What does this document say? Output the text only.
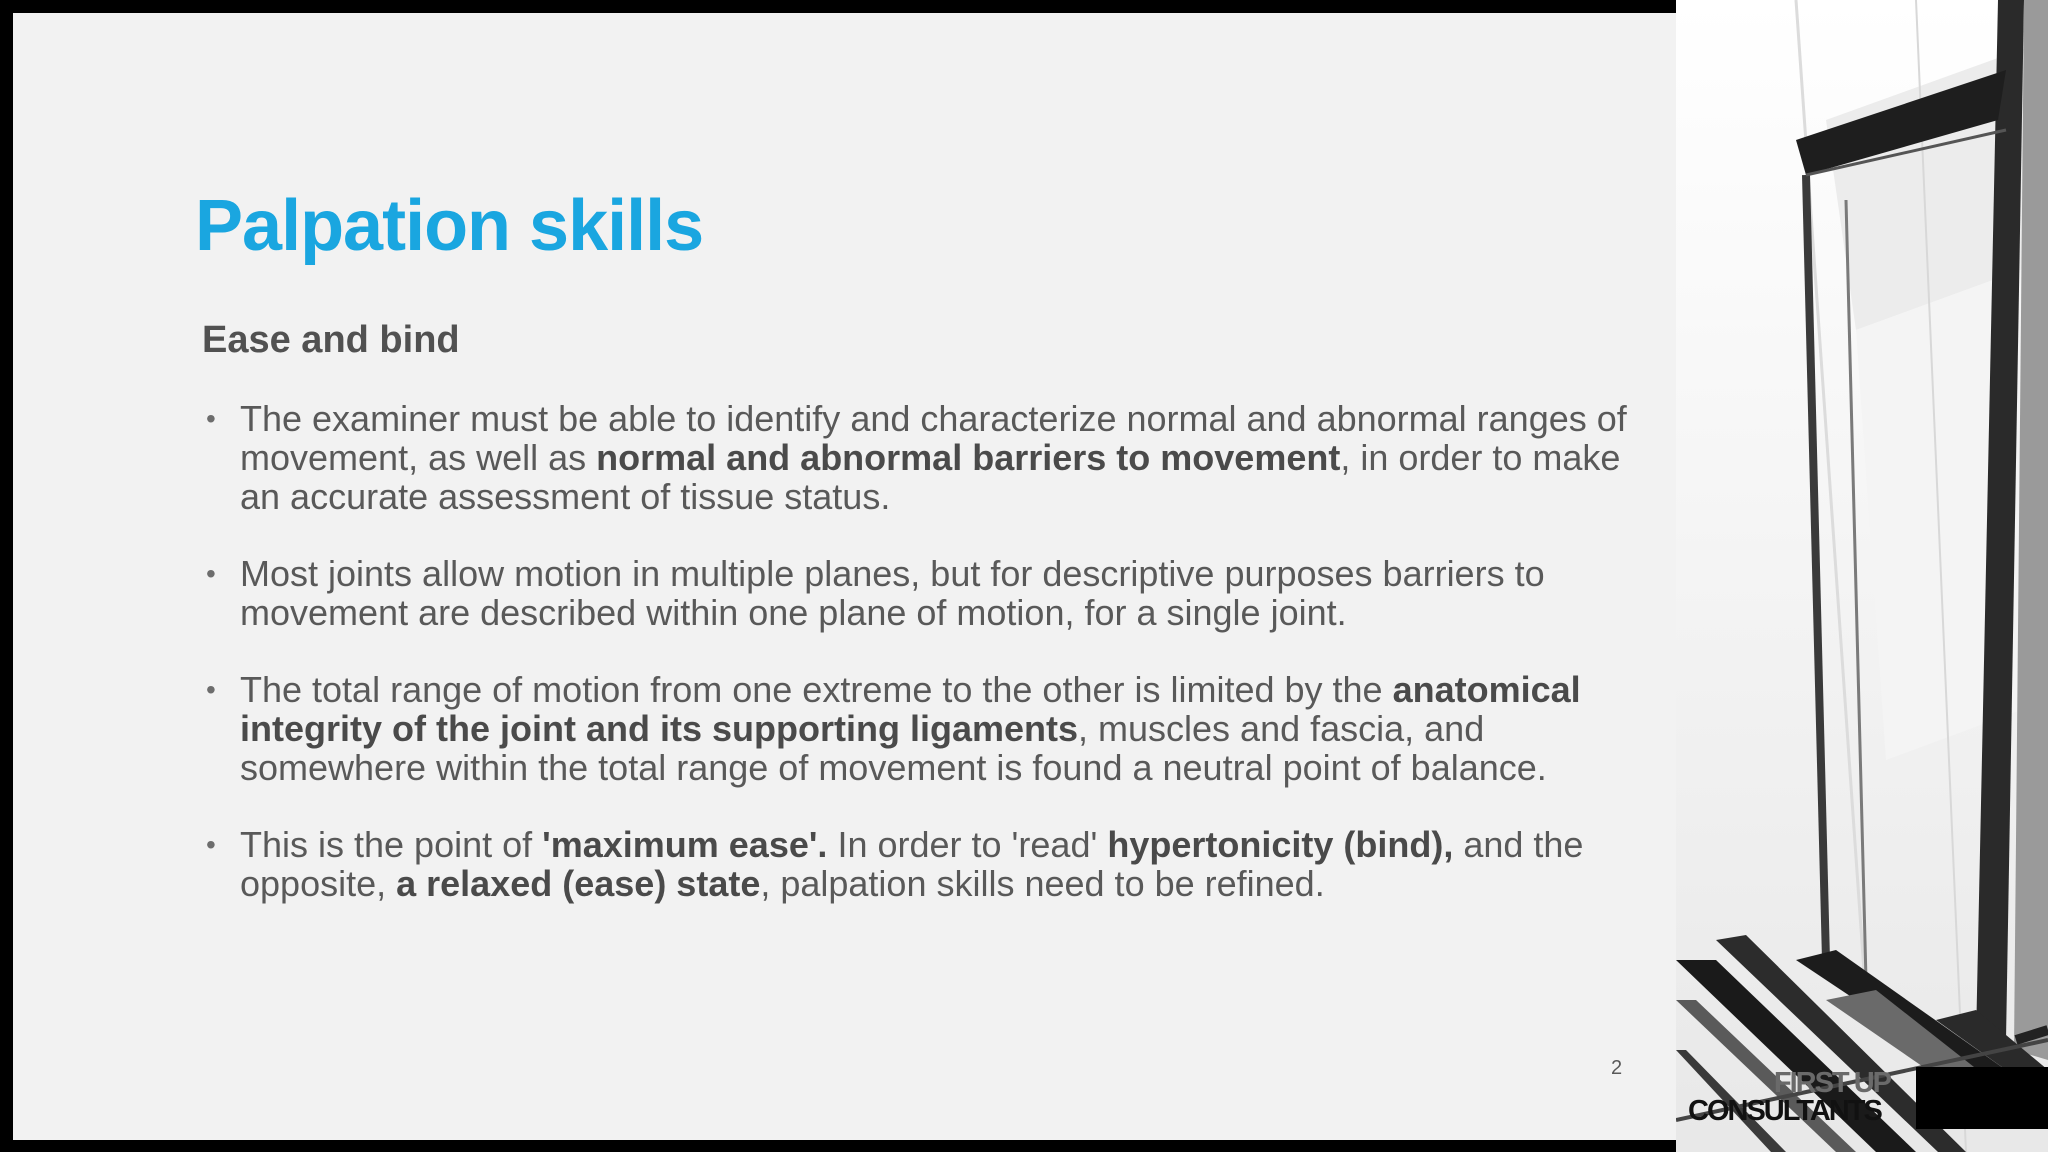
Palpation skills
Ease and bind
• The examiner must be able to identify and characterize normal and abnormal ranges of movement, as well as normal and abnormal barriers to movement, in order to make an accurate assessment of tissue status.
• Most joints allow motion in multiple planes, but for descriptive purposes barriers to movement are described within one plane of motion, for a single joint.
• The total range of motion from one extreme to the other is limited by the anatomical integrity of the joint and its supporting ligaments, muscles and fascia, and somewhere within the total range of movement is found a neutral point of balance.
• This is the point of 'maximum ease'. In order to 'read' hypertonicity (bind), and the opposite, a relaxed (ease) state, palpation skills need to be refined.
2	FIRST UP
CONSULTANTS
